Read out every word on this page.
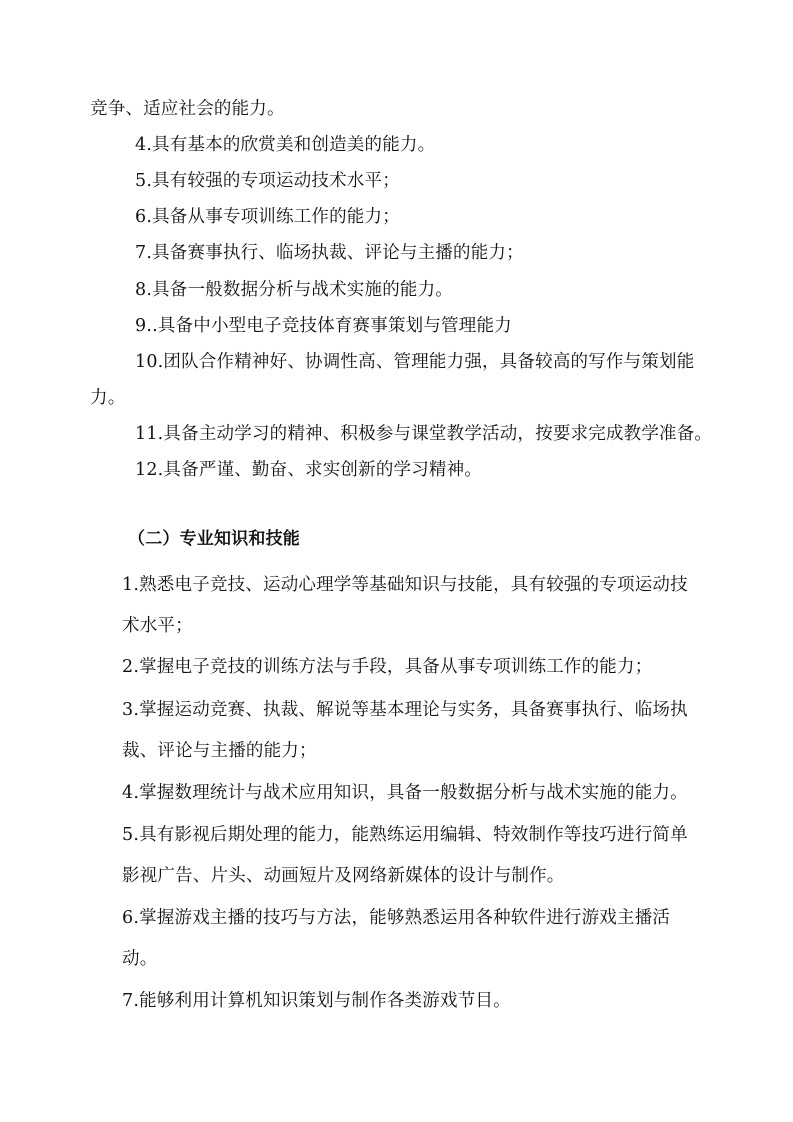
竞争、适应社会的能力。
4.具有基本的欣赏美和创造美的能力。
5.具有较强的专项运动技术水平；
6.具备从事专项训练工作的能力；
7.具备赛事执行、临场执裁、评论与主播的能力；
8.具备一般数据分析与战术实施的能力。
9..具备中小型电子竞技体育赛事策划与管理能力
10.团队合作精神好、协调性高、管理能力强，具备较高的写作与策划能
力。
11.具备主动学习的精神、积极参与课堂教学活动，按要求完成教学准备。
12.具备严谨、勤奋、求实创新的学习精神。
（二）专业知识和技能
1.熟悉电子竞技、运动心理学等基础知识与技能，具有较强的专项运动技
术水平；
2.掌握电子竞技的训练方法与手段，具备从事专项训练工作的能力；
3.掌握运动竞赛、执裁、解说等基本理论与实务，具备赛事执行、临场执
裁、评论与主播的能力；
4.掌握数理统计与战术应用知识，具备一般数据分析与战术实施的能力。
5.具有影视后期处理的能力，能熟练运用编辑、特效制作等技巧进行简单
影视广告、片头、动画短片及网络新媒体的设计与制作。
6.掌握游戏主播的技巧与方法，能够熟悉运用各种软件进行游戏主播活
动。
7.能够利用计算机知识策划与制作各类游戏节目。
